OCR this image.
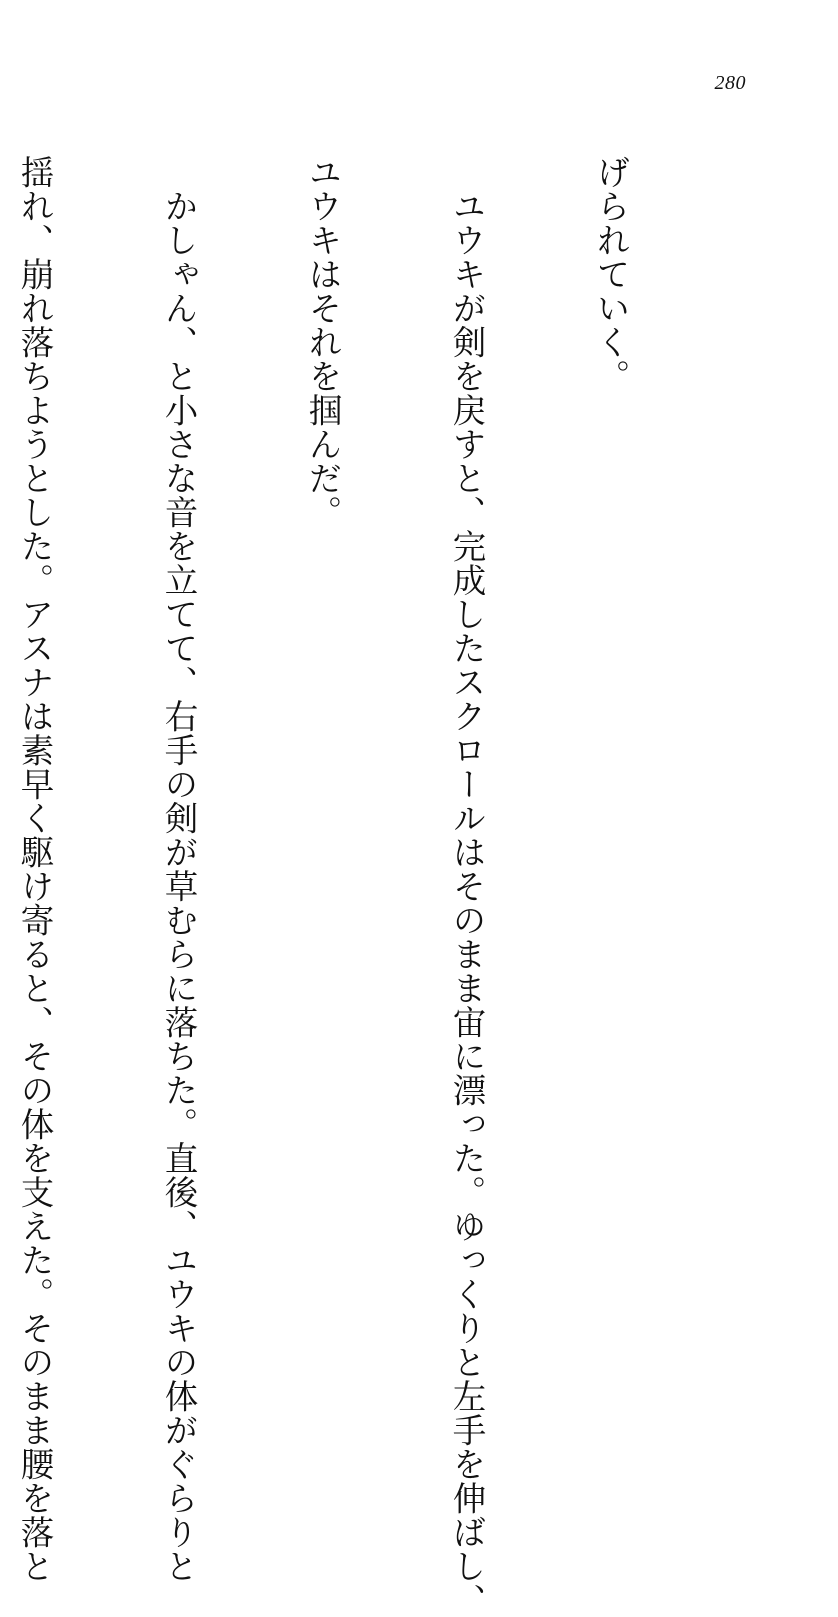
280

げられていく。

　ユウキが剣を戻すと、完成したスクロールはそのまま宙に漂った。ゆっくりと左手を伸ばし、

ユウキはそれを掴んだ。

　かしゃん、と小さな音を立てて、右手の剣が草むらに落ちた。直後、ユウキの体がぐらりと

揺れ、崩れ落ちようとした。アスナは素早く駆け寄ると、その体を支えた。そのまま腰を落と
